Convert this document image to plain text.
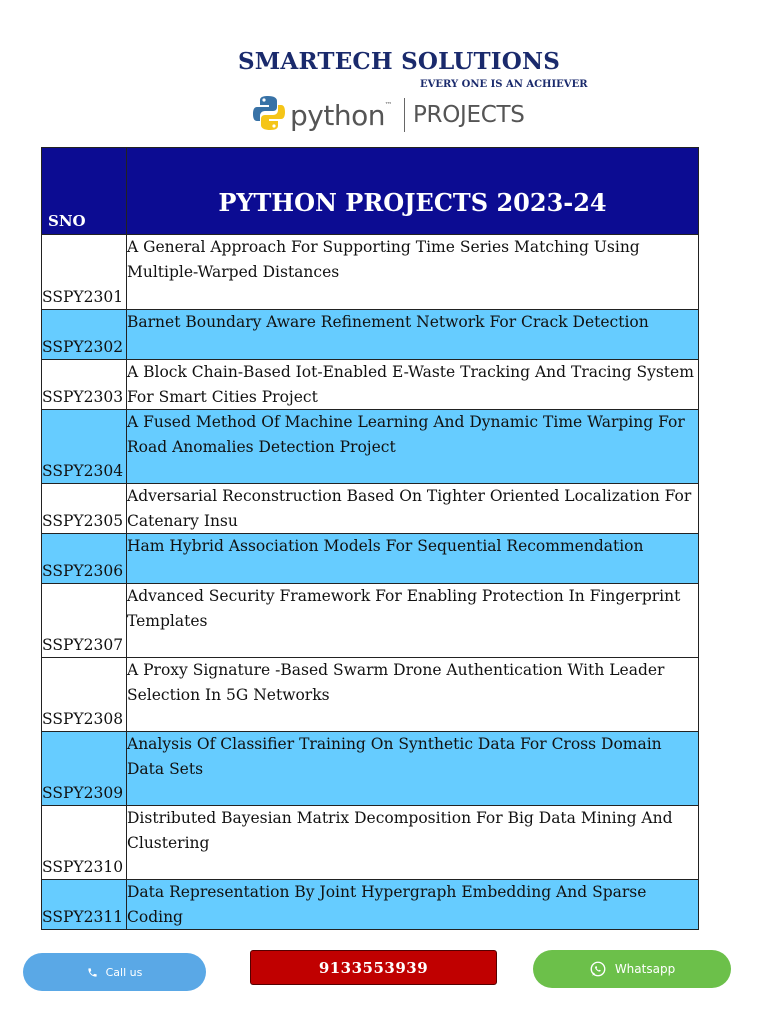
SMARTECH SOLUTIONS
EVERY ONE IS AN ACHIEVER
python ™ PROJECTS
SNO	PYTHON PROJECTS 2023-24
SSPY2301	A General Approach For Supporting Time Series Matching Using Multiple-Warped Distances
SSPY2302	Barnet Boundary Aware Refinement Network For Crack Detection
SSPY2303	A Block Chain-Based Iot-Enabled E-Waste Tracking And Tracing System For Smart Cities Project
SSPY2304	A Fused Method Of Machine Learning And Dynamic Time Warping For Road Anomalies Detection Project
SSPY2305	Adversarial Reconstruction Based On Tighter Oriented Localization For Catenary Insu
SSPY2306	Ham Hybrid Association Models For Sequential Recommendation
SSPY2307	Advanced Security Framework For Enabling Protection In Fingerprint Templates
SSPY2308	A Proxy Signature -Based Swarm Drone Authentication With Leader Selection In 5G Networks
SSPY2309	Analysis Of Classifier Training On Synthetic Data For Cross Domain Data Sets
SSPY2310	Distributed Bayesian Matrix Decomposition For Big Data Mining And Clustering
SSPY2311	Data Representation By Joint Hypergraph Embedding And Sparse Coding
Call us	9133553939	Whatsapp
